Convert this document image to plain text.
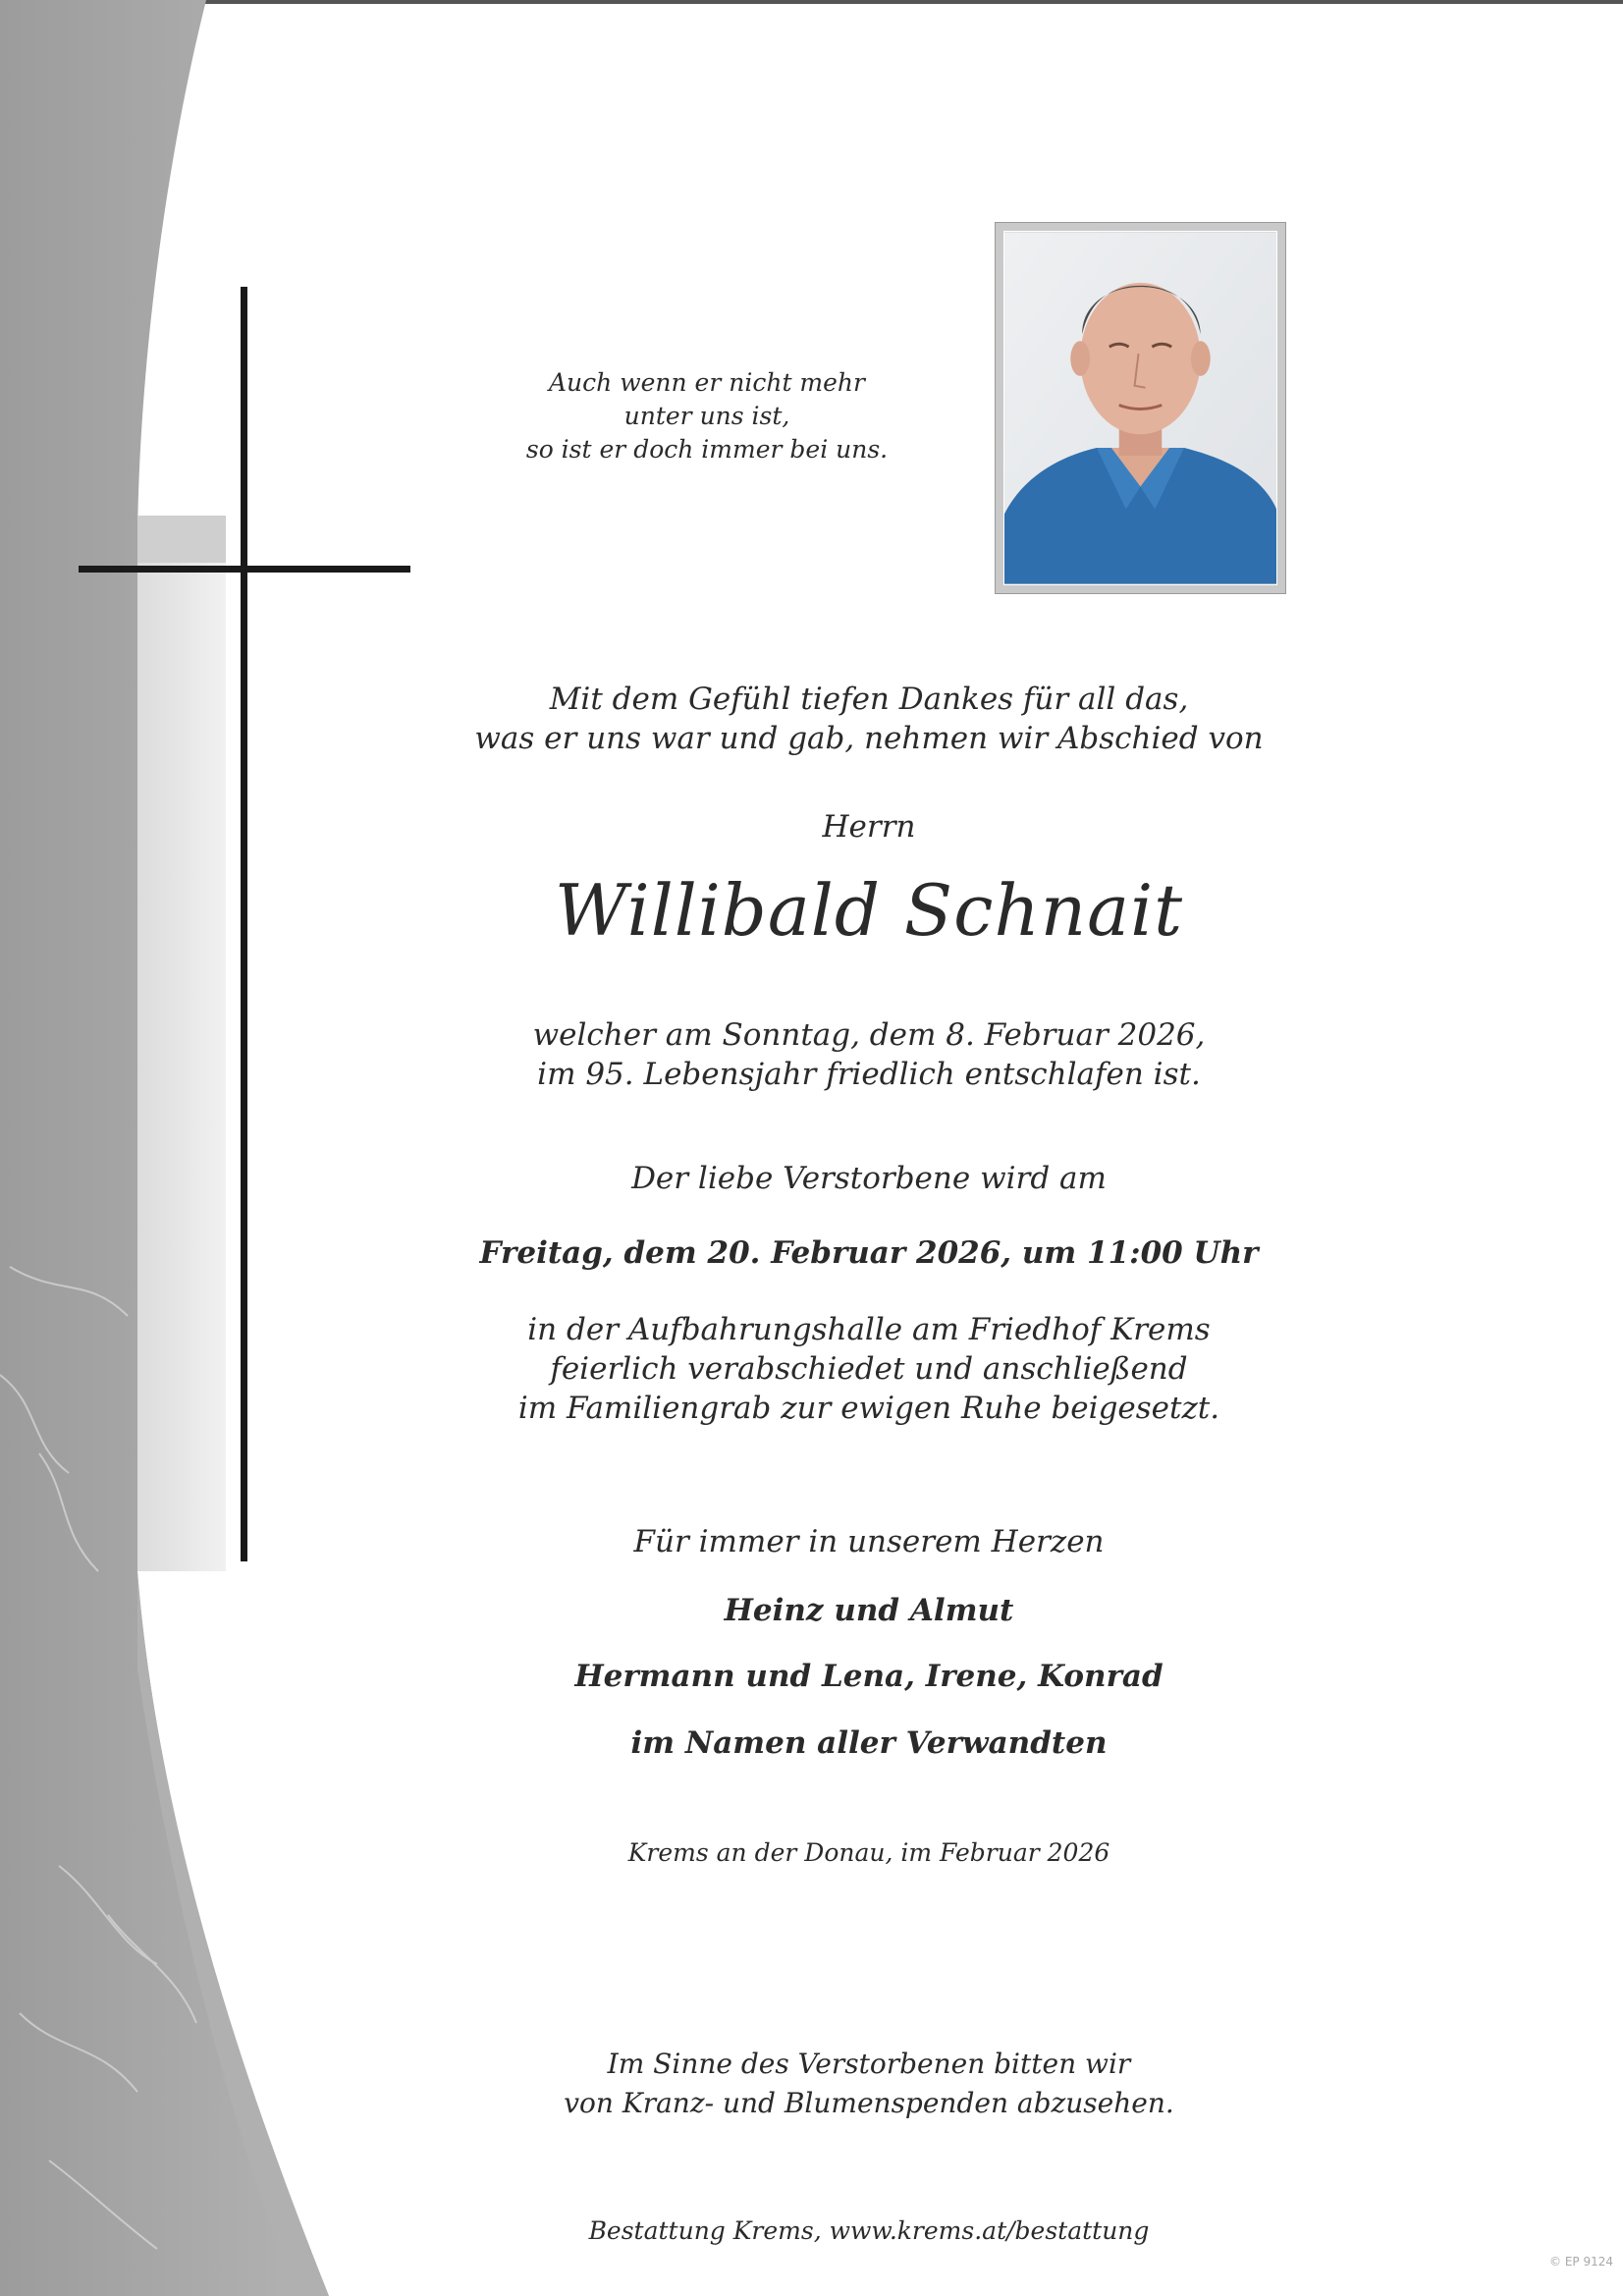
Auch wenn er nicht mehr
unter uns ist,
so ist er doch immer bei uns.
Mit dem Gefühl tiefen Dankes für all das,
was er uns war und gab, nehmen wir Abschied von
Herrn
Willibald Schnait
welcher am Sonntag, dem 8. Februar 2026,
im 95. Lebensjahr friedlich entschlafen ist.
Der liebe Verstorbene wird am
Freitag, dem 20. Februar 2026, um 11:00 Uhr
in der Aufbahrungshalle am Friedhof Krems
feierlich verabschiedet und anschließend
im Familiengrab zur ewigen Ruhe beigesetzt.
Für immer in unserem Herzen
Heinz und Almut
Hermann und Lena, Irene, Konrad
im Namen aller Verwandten
Krems an der Donau, im Februar 2026
Im Sinne des Verstorbenen bitten wir
von Kranz- und Blumenspenden abzusehen.
Bestattung Krems, www.krems.at/bestattung
© EP 9124
